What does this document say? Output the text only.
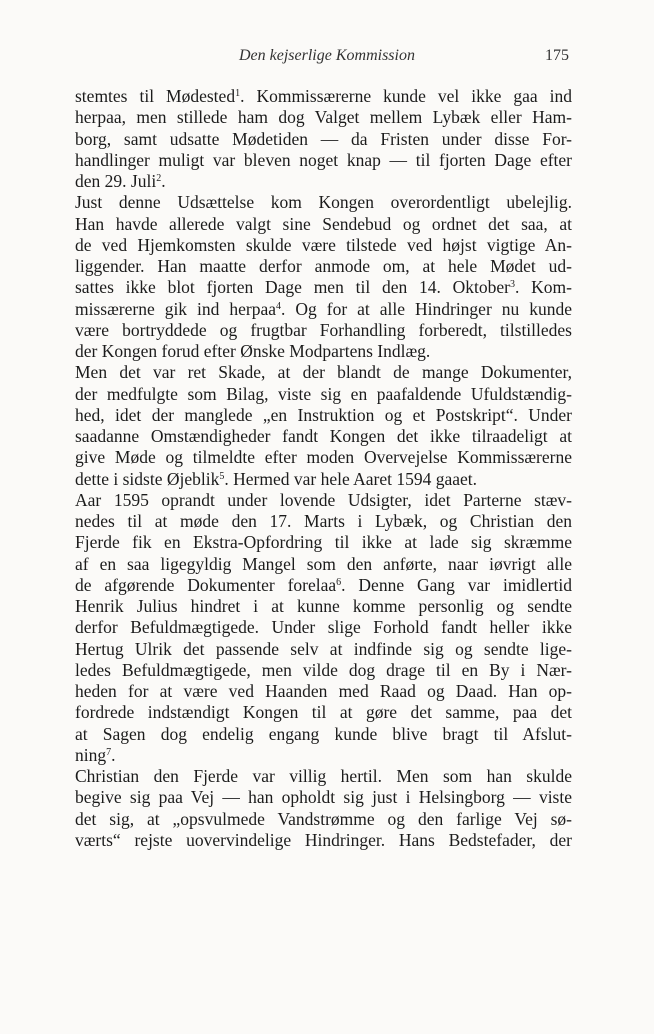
Den kejserlige Kommission	175
stemtes til Mødested$^1$. Kommissærerne kunde vel ikke gaa ind
herpaa, men stillede ham dog Valget mellem Lybæk eller Ham-
borg, samt udsatte Mødetiden — da Fristen under disse For-
handlinger muligt var bleven noget knap — til fjorten Dage efter
den 29. Juli$^2$.
Just denne Udsættelse kom Kongen overordentligt ubelejlig.
Han havde allerede valgt sine Sendebud og ordnet det saa, at
de ved Hjemkomsten skulde være tilstede ved højst vigtige An-
liggender. Han maatte derfor anmode om, at hele Mødet ud-
sattes ikke blot fjorten Dage men til den 14. Oktober$^3$. Kom-
missærerne gik ind herpaa$^4$. Og for at alle Hindringer nu kunde
være bortryddede og frugtbar Forhandling forberedt, tilstilledes
der Kongen forud efter Ønske Modpartens Indlæg.
Men det var ret Skade, at der blandt de mange Dokumenter,
der medfulgte som Bilag, viste sig en paafaldende Ufuldstændig-
hed, idet der manglede „en Instruktion og et Postskript“. Under
saadanne Omstændigheder fandt Kongen det ikke tilraadeligt at
give Møde og tilmeldte efter moden Overvejelse Kommissærerne
dette i sidste Øjeblik$^5$. Hermed var hele Aaret 1594 gaaet.
Aar 1595 oprandt under lovende Udsigter, idet Parterne stæv-
nedes til at møde den 17. Marts i Lybæk, og Christian den
Fjerde fik en Ekstra-Opfordring til ikke at lade sig skræmme
af en saa ligegyldig Mangel som den anførte, naar iøvrigt alle
de afgørende Dokumenter forelaa$^6$. Denne Gang var imidlertid
Henrik Julius hindret i at kunne komme personlig og sendte
derfor Befuldmægtigede. Under slige Forhold fandt heller ikke
Hertug Ulrik det passende selv at indfinde sig og sendte lige-
ledes Befuldmægtigede, men vilde dog drage til en By i Nær-
heden for at være ved Haanden med Raad og Daad. Han op-
fordrede indstændigt Kongen til at gøre det samme, paa det
at Sagen dog endelig engang kunde blive bragt til Afslut-
ning$^7$.
Christian den Fjerde var villig hertil. Men som han skulde
begive sig paa Vej — han opholdt sig just i Helsingborg — viste
det sig, at „opsvulmede Vandstrømme og den farlige Vej sø-
værts“ rejste uovervindelige Hindringer. Hans Bedstefader, der
